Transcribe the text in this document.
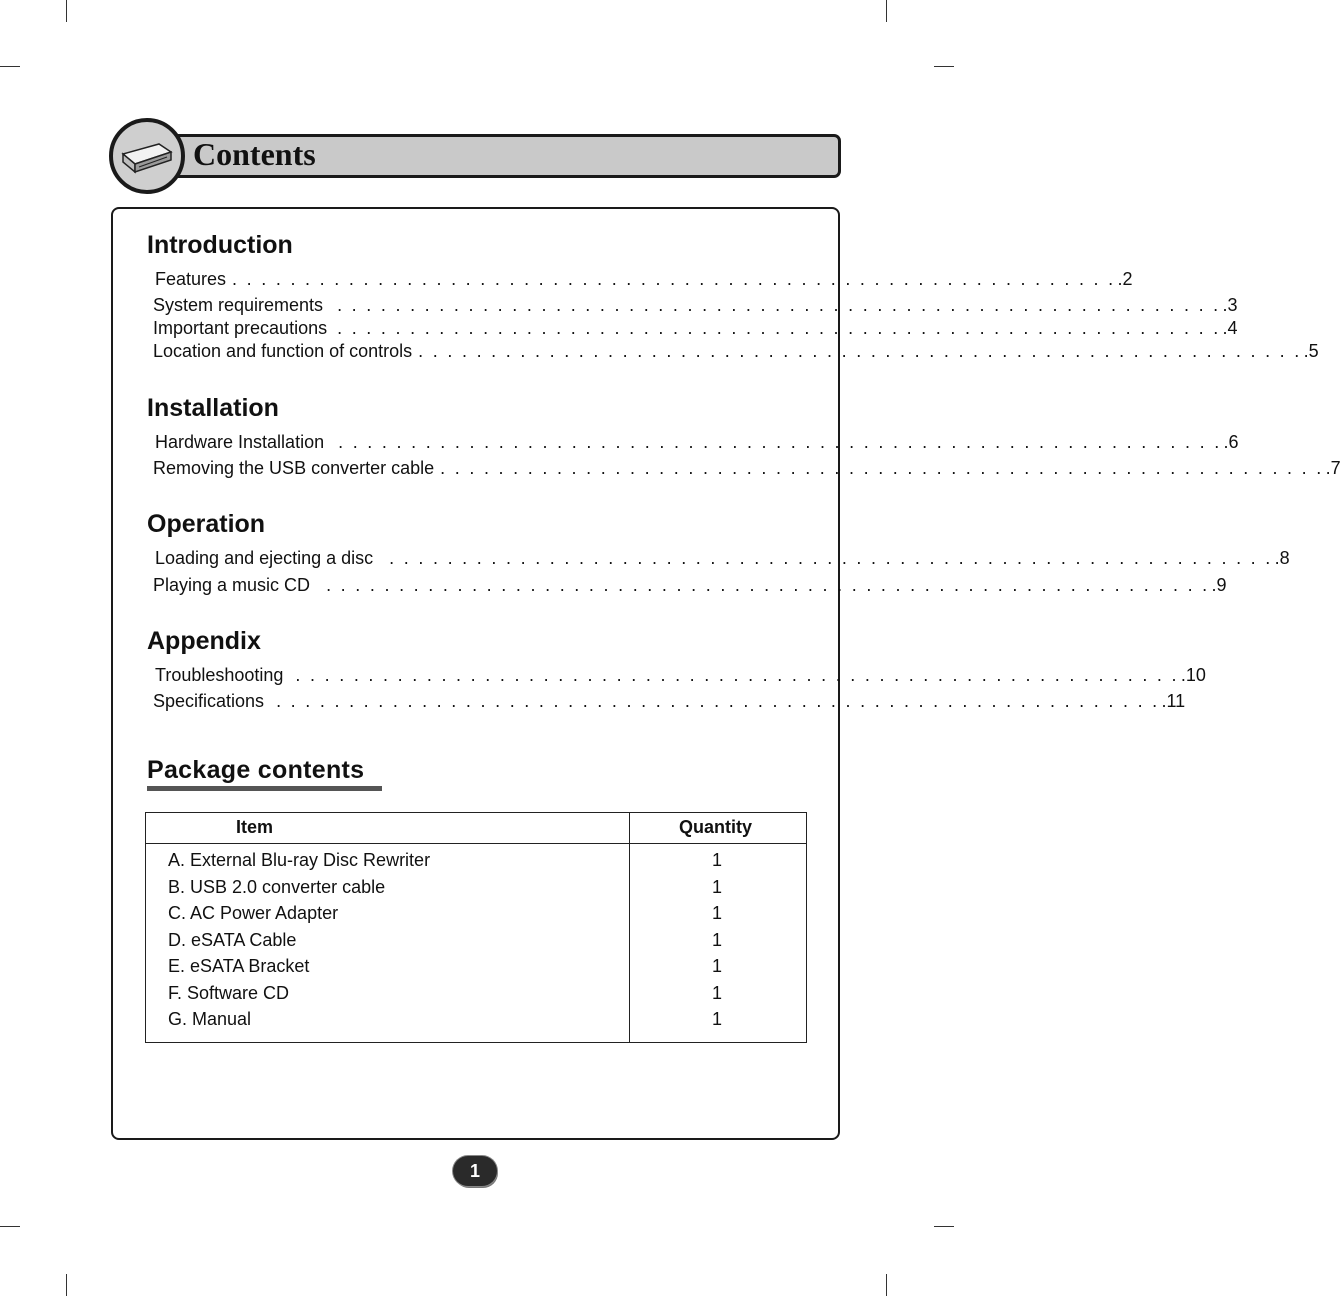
Contents
Introduction
Features . . . . . . . . . . . . . . . . . . . . . . . . . . . . . . . . . . . . . . . . . . . . . . . . . . . . . . . . . . . . . .2
System requirements . . . . . . . . . . . . . . . . . . . . . . . . . . . . . . . . . . . . . . . . . . . . . . . . . . . . . . . . . . . . . .3
Important precautions . . . . . . . . . . . . . . . . . . . . . . . . . . . . . . . . . . . . . . . . . . . . . . . . . . . . . . . . . . . . . .4
Location and function of controls . . . . . . . . . . . . . . . . . . . . . . . . . . . . . . . . . . . . . . . . . . . . . . . . . . . . . . . . . . . . . .5
Installation
Hardware Installation . . . . . . . . . . . . . . . . . . . . . . . . . . . . . . . . . . . . . . . . . . . . . . . . . . . . . . . . . . . . . .6
Removing the USB converter cable . . . . . . . . . . . . . . . . . . . . . . . . . . . . . . . . . . . . . . . . . . . . . . . . . . . . . . . . . . . . . .7
Operation
Loading and ejecting a disc . . . . . . . . . . . . . . . . . . . . . . . . . . . . . . . . . . . . . . . . . . . . . . . . . . . . . . . . . . . . . .8
Playing a music CD . . . . . . . . . . . . . . . . . . . . . . . . . . . . . . . . . . . . . . . . . . . . . . . . . . . . . . . . . . . . . .9
Appendix
Troubleshooting . . . . . . . . . . . . . . . . . . . . . . . . . . . . . . . . . . . . . . . . . . . . . . . . . . . . . . . . . . . . . .10
Specifications . . . . . . . . . . . . . . . . . . . . . . . . . . . . . . . . . . . . . . . . . . . . . . . . . . . . . . . . . . . . . .11
Package contents
Item	Quantity
A. External Blu-ray Disc Rewriter	1
B. USB 2.0 converter cable	1
C. AC Power Adapter	1
D. eSATA Cable	1
E. eSATA Bracket	1
F. Software CD	1
G. Manual	1
1
